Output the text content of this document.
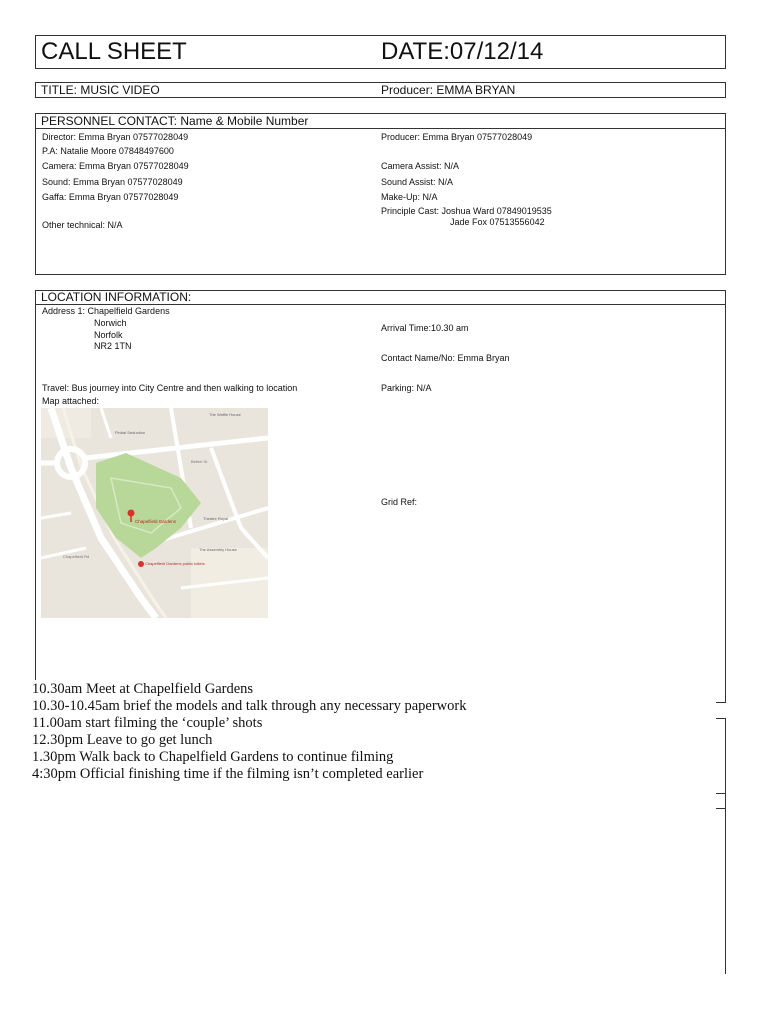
CALL SHEET	DATE:07/12/14
TITLE: MUSIC VIDEO	Producer: EMMA BRYAN
PERSONNEL CONTACT: Name & Mobile Number
Director: Emma Bryan 07577028049
P.A: Natalie Moore 07848497600
Camera: Emma Bryan 07577028049
Sound: Emma Bryan 07577028049
Gaffa: Emma Bryan 07577028049
Other technical: N/A
Producer: Emma Bryan 07577028049
Camera Assist: N/A
Sound Assist: N/A
Make-Up: N/A
Principle Cast: Joshua Ward 07849019535
Jade Fox 07513556042
LOCATION INFORMATION:
Address 1: Chapelfield Gardens
Norwich
Norfolk
NR2 1TN
Travel: Bus journey into City Centre and then walking to location
Map attached:
Arrival Time:10.30 am
Contact Name/No: Emma Bryan
Parking: N/A
Grid Ref:
Chapelfield Gardens
Chapelfield Gardens public toilets
The Assembly House
Pinbal Seduction
Theatre Royal
Chapelfield Rd
Bethel St
The Waffle House
10.30am Meet at Chapelfield Gardens
10.30-10.45am brief the models and talk through any necessary paperwork
11.00am start filming the ‘couple’ shots
12.30pm Leave to go get lunch
1.30pm Walk back to Chapelfield Gardens to continue filming
4:30pm Official finishing time if the filming isn’t completed earlier
